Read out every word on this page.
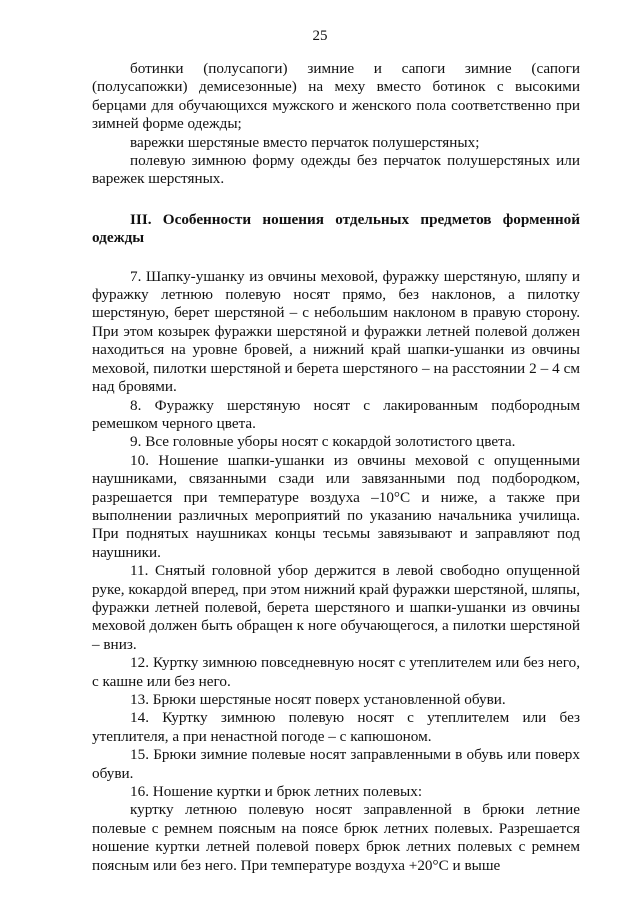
25

ботинки (полусапоги) зимние и сапоги зимние (сапоги (полусапожки) демисезонные) на меху вместо ботинок с высокими берцами для обучающихся мужского и женского пола соответственно при зимней форме одежды;

варежки шерстяные вместо перчаток полушерстяных;

полевую зимнюю форму одежды без перчаток полушерстяных или варежек шерстяных.

III. Особенности ношения отдельных предметов форменной одежды

7. Шапку-ушанку из овчины меховой, фуражку шерстяную, шляпу и фуражку летнюю полевую носят прямо, без наклонов, а пилотку шерстяную, берет шерстяной – с небольшим наклоном в правую сторону. При этом козырек фуражки шерстяной и фуражки летней полевой должен находиться на уровне бровей, а нижний край шапки-ушанки из овчины меховой, пилотки шерстяной и берета шерстяного – на расстоянии 2 – 4 см над бровями.

8. Фуражку шерстяную носят с лакированным подбородным ремешком черного цвета.

9. Все головные уборы носят с кокардой золотистого цвета.

10. Ношение шапки-ушанки из овчины меховой с опущенными наушниками, связанными сзади или завязанными под подбородком, разрешается при температуре воздуха –10°C и ниже, а также при выполнении различных мероприятий по указанию начальника училища. При поднятых наушниках концы тесьмы завязывают и заправляют под наушники.

11. Снятый головной убор держится в левой свободно опущенной руке, кокардой вперед, при этом нижний край фуражки шерстяной, шляпы, фуражки летней полевой, берета шерстяного и шапки-ушанки из овчины меховой должен быть обращен к ноге обучающегося, а пилотки шерстяной – вниз.

12. Куртку зимнюю повседневную носят с утеплителем или без него, с кашне или без него.

13. Брюки шерстяные носят поверх установленной обуви.

14. Куртку зимнюю полевую носят с утеплителем или без утеплителя, а при ненастной погоде – с капюшоном.

15. Брюки зимние полевые носят заправленными в обувь или поверх обуви.

16. Ношение куртки и брюк летних полевых:

куртку летнюю полевую носят заправленной в брюки летние полевые с ремнем поясным на поясе брюк летних полевых. Разрешается ношение куртки летней полевой поверх брюк летних полевых с ремнем поясным или без него. При температуре воздуха +20°C и выше
